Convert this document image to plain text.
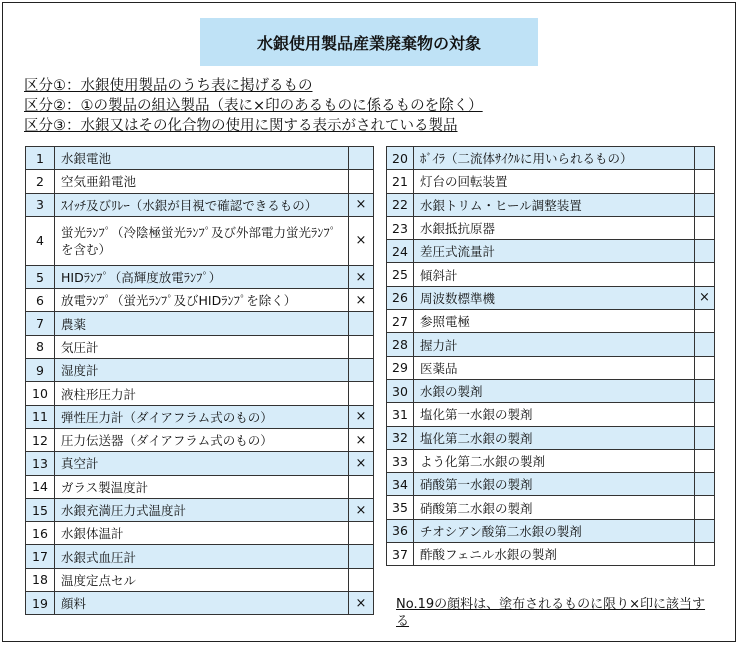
水銀使用製品産業廃棄物の対象
区分①：水銀使用製品のうち表に掲げるもの
区分②：①の製品の組込製品（表に×印のあるものに係るものを除く）
区分③：水銀又はその化合物の使用に関する表示がされている製品
1	水銀電池	
2	空気亜鉛電池	
3	ｽｲｯﾁ及びﾘﾚｰ（水銀が目視で確認できるもの）	×
4	蛍光ﾗﾝﾌﾟ（冷陰極蛍光ﾗﾝﾌﾟ及び外部電力蛍光ﾗﾝﾌﾟを含む）	×
5	HIDﾗﾝﾌﾟ（高輝度放電ﾗﾝﾌﾟ）	×
6	放電ﾗﾝﾌﾟ（蛍光ﾗﾝﾌﾟ及びHIDﾗﾝﾌﾟを除く）	×
7	農薬	
8	気圧計	
9	湿度計	
10	液柱形圧力計	
11	弾性圧力計（ダイアフラム式のもの）	×
12	圧力伝送器（ダイアフラム式のもの）	×
13	真空計	×
14	ガラス製温度計	
15	水銀充満圧力式温度計	×
16	水銀体温計	
17	水銀式血圧計	
18	温度定点セル	
19	顔料	×
20	ﾎﾞｲﾗ（二流体ｻｲｸﾙに用いられるもの）	
21	灯台の回転装置	
22	水銀トリム・ヒール調整装置	
23	水銀抵抗原器	
24	差圧式流量計	
25	傾斜計	
26	周波数標準機	×
27	参照電極	
28	握力計	
29	医薬品	
30	水銀の製剤	
31	塩化第一水銀の製剤	
32	塩化第二水銀の製剤	
33	よう化第二水銀の製剤	
34	硝酸第一水銀の製剤	
35	硝酸第二水銀の製剤	
36	チオシアン酸第二水銀の製剤	
37	酢酸フェニル水銀の製剤	
No.19の顔料は、塗布されるものに限り×印に該当する
